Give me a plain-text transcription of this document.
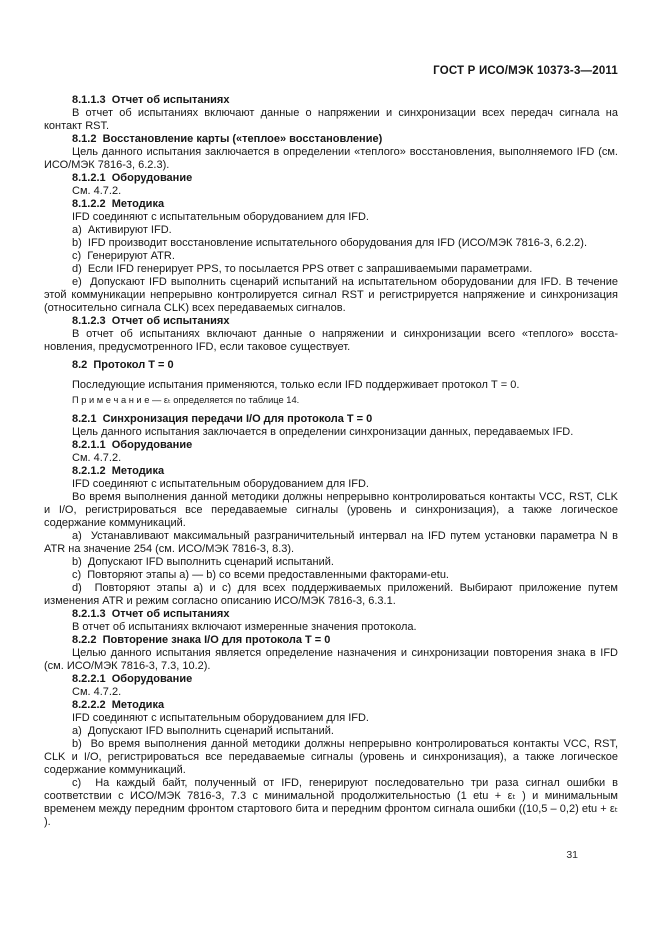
ГОСТ Р ИСО/МЭК 10373-3—2011

8.1.1.3  Отчет об испытаниях

В отчет об испытаниях включают данные о напряжении и синхронизации всех передач сигнала на контакт RST.

8.1.2  Восстановление карты («теплое» восстановление)

Цель данного испытания заключается в определении «теплого» восстановления, выполняемого IFD (см. ИСО/МЭК 7816-3, 6.2.3).

8.1.2.1  Оборудование

См. 4.7.2.

8.1.2.2  Методика

IFD соединяют с испытательным оборудованием для IFD.

a)  Активируют IFD.

b)  IFD производит восстановление испытательного оборудования для IFD (ИСО/МЭК 7816-3, 6.2.2).

c)  Генерируют ATR.

d)  Если IFD генерирует PPS, то посылается PPS ответ с запрашиваемыми параметрами.

e)  Допускают IFD выполнить сценарий испытаний на испытательном оборудовании для IFD. В течение этой коммуникации непрерывно контролируется сигнал RST и регистрируется напряжение и синхронизация (относительно сигнала CLK) всех передаваемых сигналов.

8.1.2.3  Отчет об испытаниях

В отчет об испытаниях включают данные о напряжении и синхронизации всего «теплого» восстановления, предусмотренного IFD, если таковое существует.

8.2  Протокол Т = 0

Последующие испытания применяются, только если IFD поддерживает протокол Т = 0.

П р и м е ч а н и е — εₜ определяется по таблице 14.

8.2.1  Синхронизация передачи I/O для протокола Т = 0

Цель данного испытания заключается в определении синхронизации данных, передаваемых IFD.

8.2.1.1  Оборудование

См. 4.7.2.

8.2.1.2  Методика

IFD соединяют с испытательным оборудованием для IFD.

Во время выполнения данной методики должны непрерывно контролироваться контакты VCC, RST, CLK и I/O, регистрироваться все передаваемые сигналы (уровень и синхронизация), а также логическое содержание коммуникаций.

a)  Устанавливают максимальный разграничительный интервал на IFD путем установки параметра N в ATR на значение 254 (см. ИСО/МЭК 7816-3, 8.3).

b)  Допускают IFD выполнить сценарий испытаний.

c)  Повторяют этапы a) — b) со всеми предоставленными факторами-etu.

d)  Повторяют этапы a) и c) для всех поддерживаемых приложений. Выбирают приложение путем изменения ATR и режим согласно описанию ИСО/МЭК 7816-3, 6.3.1.

8.2.1.3  Отчет об испытаниях

В отчет об испытаниях включают измеренные значения протокола.

8.2.2  Повторение знака I/O для протокола Т = 0

Целью данного испытания является определение назначения и синхронизации повторения знака в IFD (см. ИСО/МЭК 7816-3, 7.3, 10.2).

8.2.2.1  Оборудование

См. 4.7.2.

8.2.2.2  Методика

IFD соединяют с испытательным оборудованием для IFD.

a)  Допускают IFD выполнить сценарий испытаний.

b)  Во время выполнения данной методики должны непрерывно контролироваться контакты VCC, RST, CLK и I/O, регистрироваться все передаваемые сигналы (уровень и синхронизация), а также логическое содержание коммуникаций.

c)  На каждый байт, полученный от IFD, генерируют последовательно три раза сигнал ошибки в соответствии с ИСО/МЭК 7816-3, 7.3 с минимальной продолжительностью (1 etu + εₜ ) и минимальным временем между передним фронтом стартового бита и передним фронтом сигнала ошибки ((10,5 – 0,2) etu + εₜ ).

31
